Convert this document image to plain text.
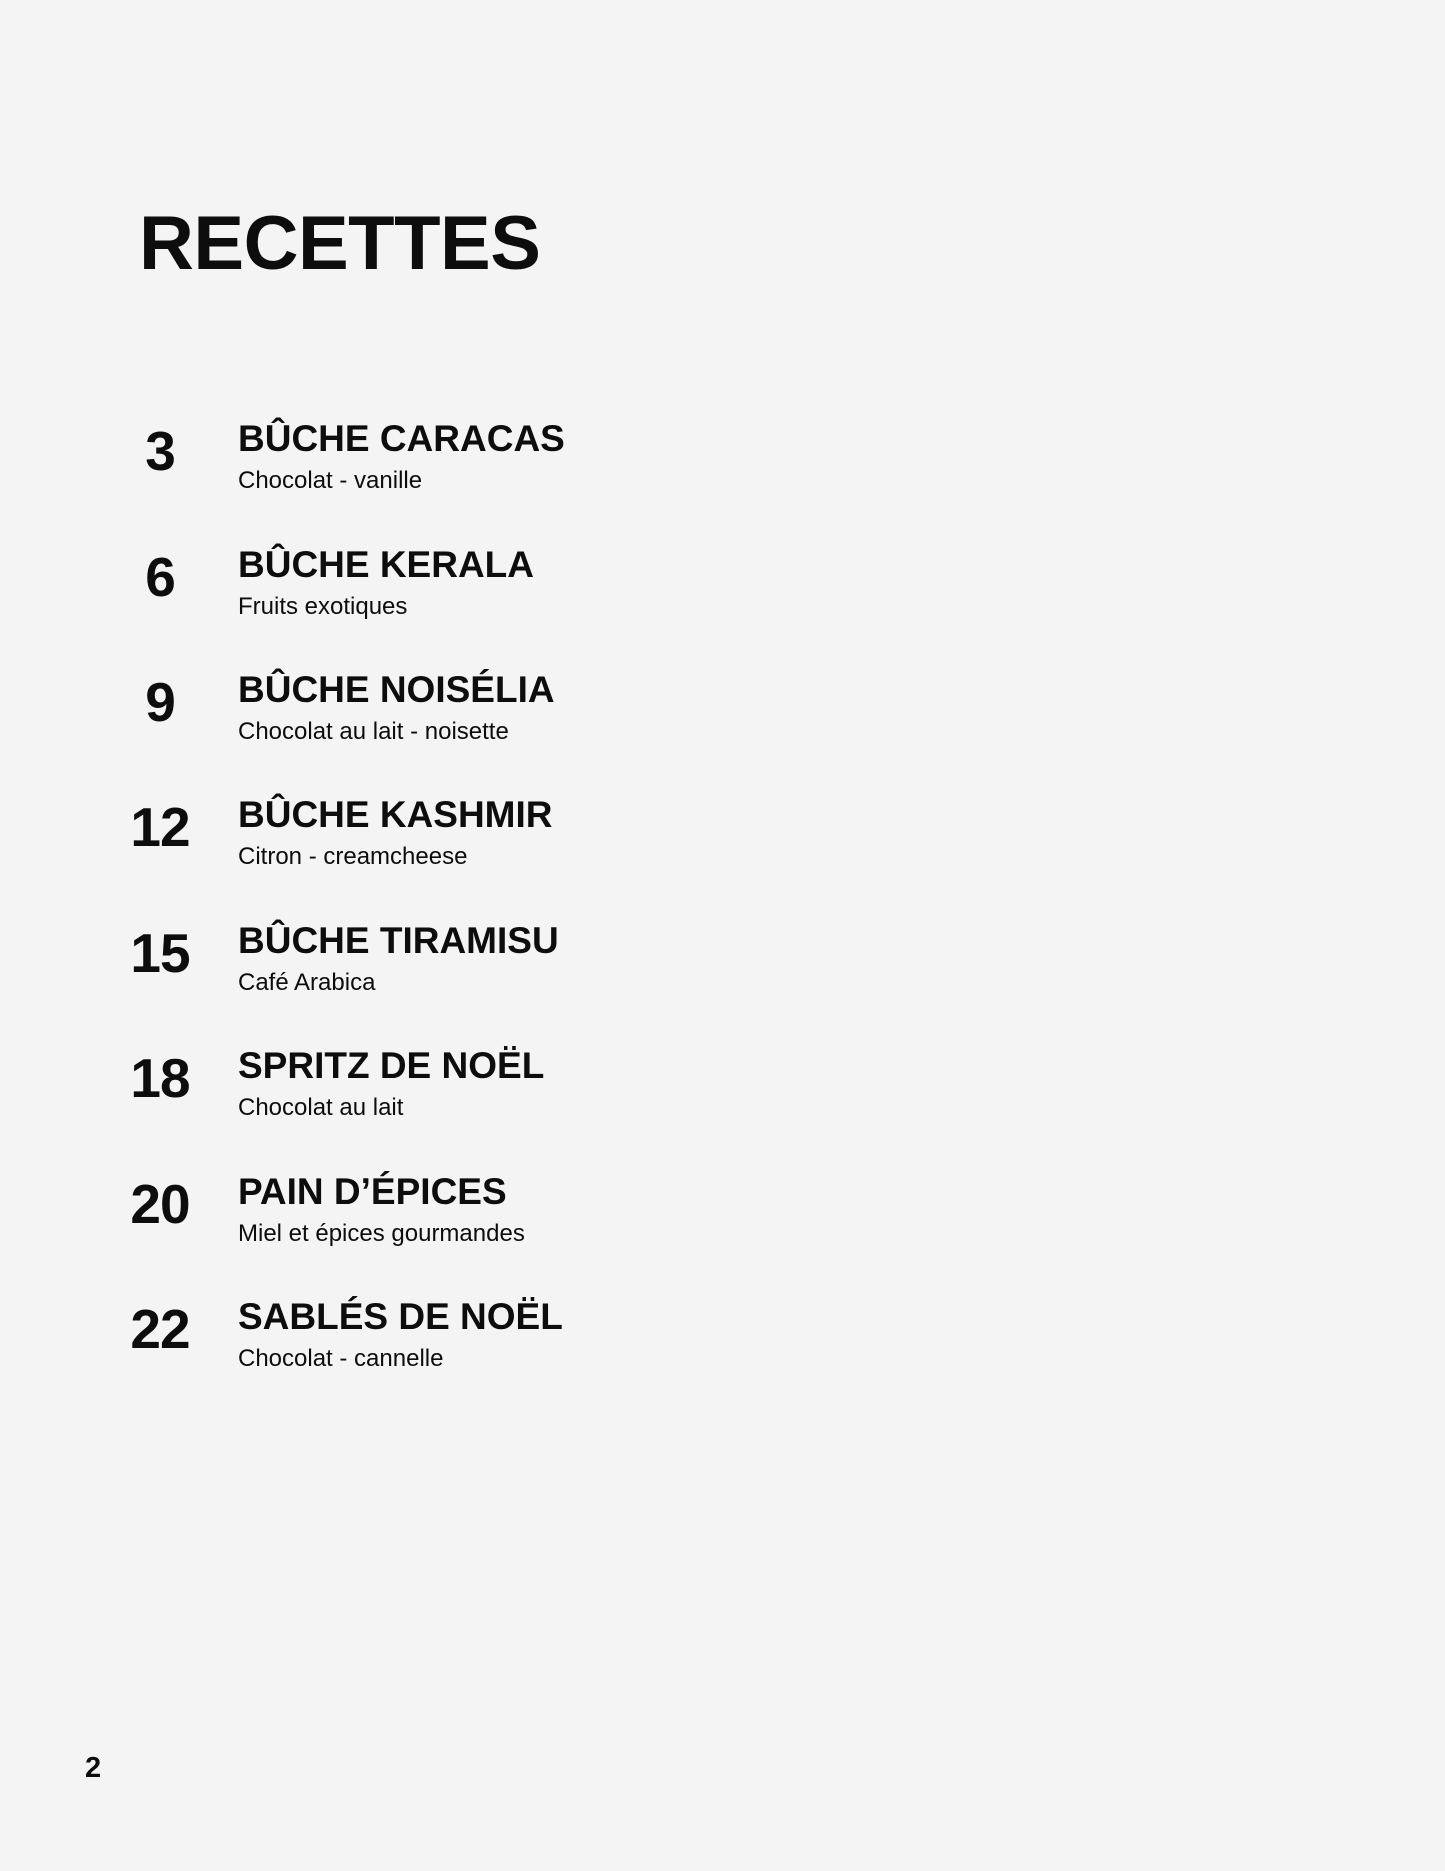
RECETTES
3	BÛCHE CARACAS
Chocolat - vanille
6	BÛCHE KERALA
Fruits exotiques
9	BÛCHE NOISÉLIA
Chocolat au lait - noisette
12	BÛCHE KASHMIR
Citron - creamcheese
15	BÛCHE TIRAMISU
Café Arabica
18	SPRITZ DE NOËL
Chocolat au lait
20	PAIN D’ÉPICES
Miel et épices gourmandes
22	SABLÉS DE NOËL
Chocolat - cannelle
2
